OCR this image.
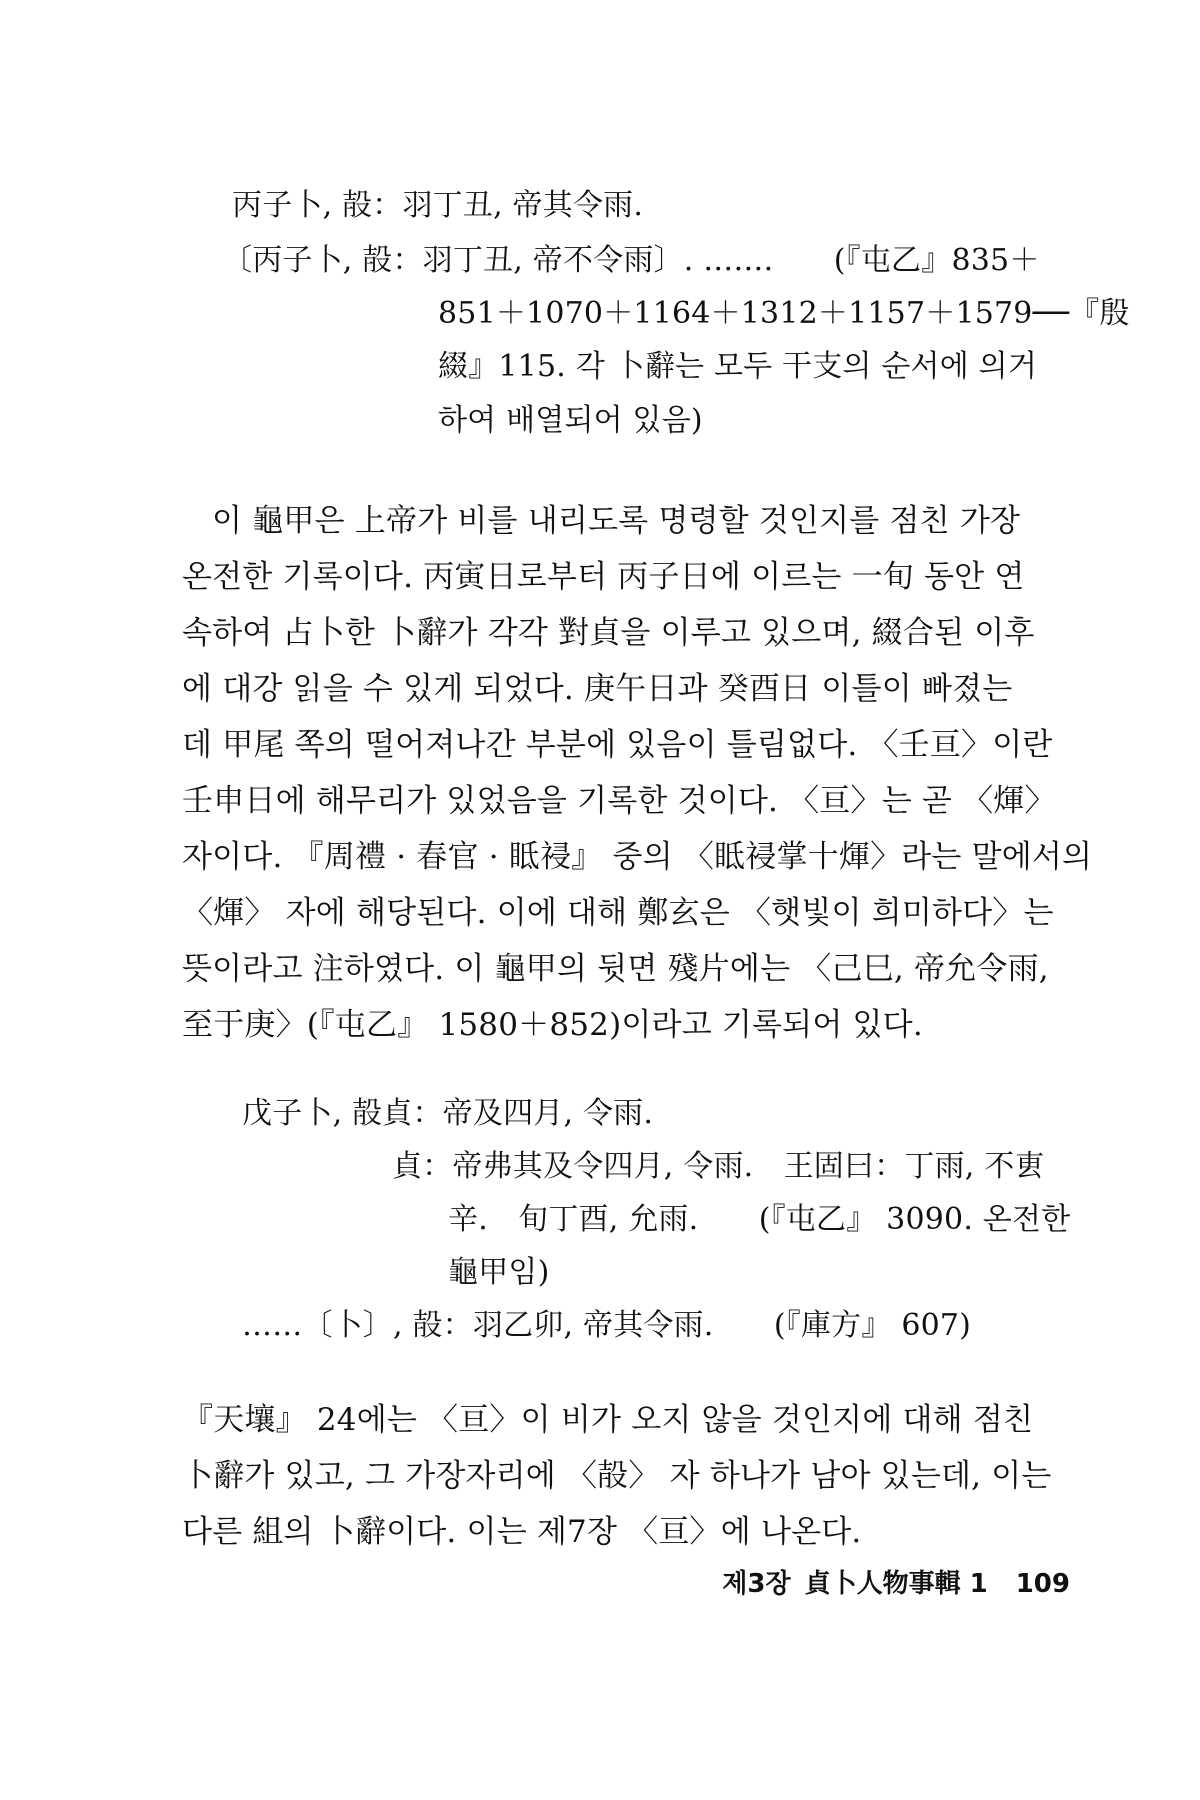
丙子卜, 㱿：羽丁丑, 帝其令雨.
〔丙子卜, 㱿：羽丁丑, 帝不令雨〕. …….　　(『屯乙』835＋
851＋1070＋1164＋1312＋1157＋1579──『殷
綴』115. 각 卜辭는 모두 干支의 순서에 의거
하여 배열되어 있음)
이 龜甲은 上帝가 비를 내리도록 명령할 것인지를 점친 가장
온전한 기록이다. 丙寅日로부터 丙子日에 이르는 一旬 동안 연
속하여 占卜한 卜辭가 각각 對貞을 이루고 있으며, 綴合된 이후
에 대강 읽을 수 있게 되었다. 庚午日과 癸酉日 이틀이 빠졌는
데 甲尾 쪽의 떨어져나간 부분에 있음이 틀림없다. 〈壬亘〉이란
壬申日에 해무리가 있었음을 기록한 것이다. 〈亘〉는 곧 〈煇〉
자이다. 『周禮 · 春官 · 眡祲』 중의 〈眡祲掌十煇〉라는 말에서의
〈煇〉 자에 해당된다. 이에 대해 鄭玄은 〈햇빛이 희미하다〉는
뜻이라고 注하였다. 이 龜甲의 뒷면 殘片에는 〈己巳, 帝允令雨,
至于庚〉(『屯乙』 1580＋852)이라고 기록되어 있다.
戊子卜, 㱿貞：帝及四月, 令雨.
貞：帝弗其及令四月, 令雨.　王固曰：丁雨, 不叀
辛.　旬丁酉, 允雨.　　(『屯乙』 3090. 온전한
龜甲임)
……〔卜〕, 㱿：羽乙卯, 帝其令雨.　　(『庫方』 607)
『天壤』 24에는 〈亘〉이 비가 오지 않을 것인지에 대해 점친
卜辭가 있고, 그 가장자리에 〈㱿〉 자 하나가 남아 있는데, 이는
다른 組의 卜辭이다. 이는 제7장 〈亘〉에 나온다.
제3장 貞卜人物事輯 1 109
